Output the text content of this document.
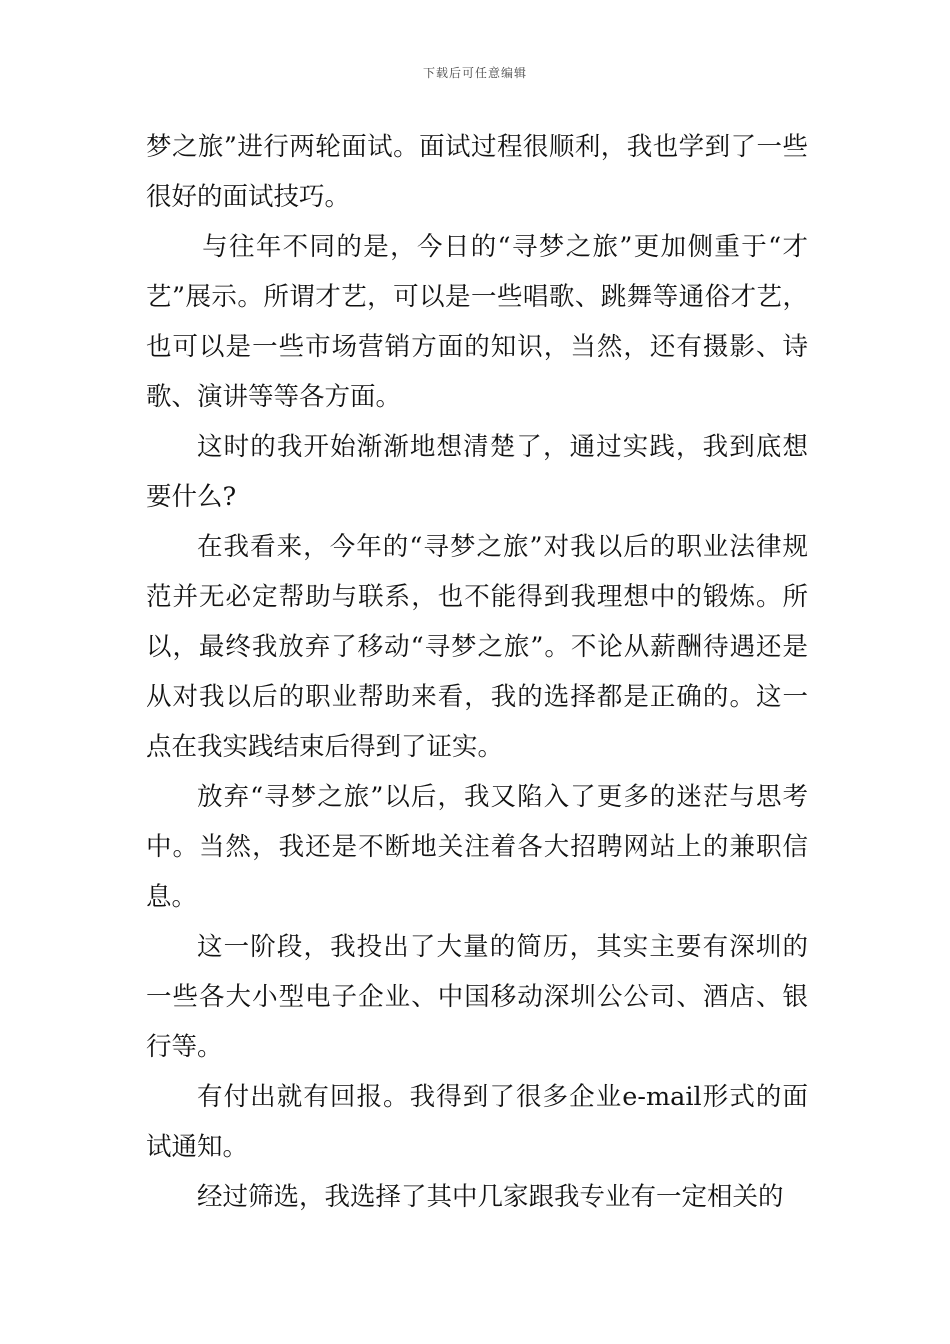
下载后可任意编辑

梦之旅”进行两轮面试。面试过程很顺利，我也学到了一些很好的面试技巧。

与往年不同的是，今日的“寻梦之旅”更加侧重于“才艺”展示。所谓才艺，可以是一些唱歌、跳舞等通俗才艺，也可以是一些市场营销方面的知识，当然，还有摄影、诗歌、演讲等等各方面。

这时的我开始渐渐地想清楚了，通过实践，我到底想要什么?

在我看来，今年的“寻梦之旅”对我以后的职业法律规范并无必定帮助与联系，也不能得到我理想中的锻炼。所以，最终我放弃了移动“寻梦之旅”。不论从薪酬待遇还是从对我以后的职业帮助来看，我的选择都是正确的。这一点在我实践结束后得到了证实。

放弃“寻梦之旅”以后，我又陷入了更多的迷茫与思考中。当然，我还是不断地关注着各大招聘网站上的兼职信息。

这一阶段，我投出了大量的简历，其实主要有深圳的一些各大小型电子企业、中国移动深圳公公司、酒店、银行等。

有付出就有回报。我得到了很多企业e-mail形式的面试通知。

经过筛选，我选择了其中几家跟我专业有一定相关的
